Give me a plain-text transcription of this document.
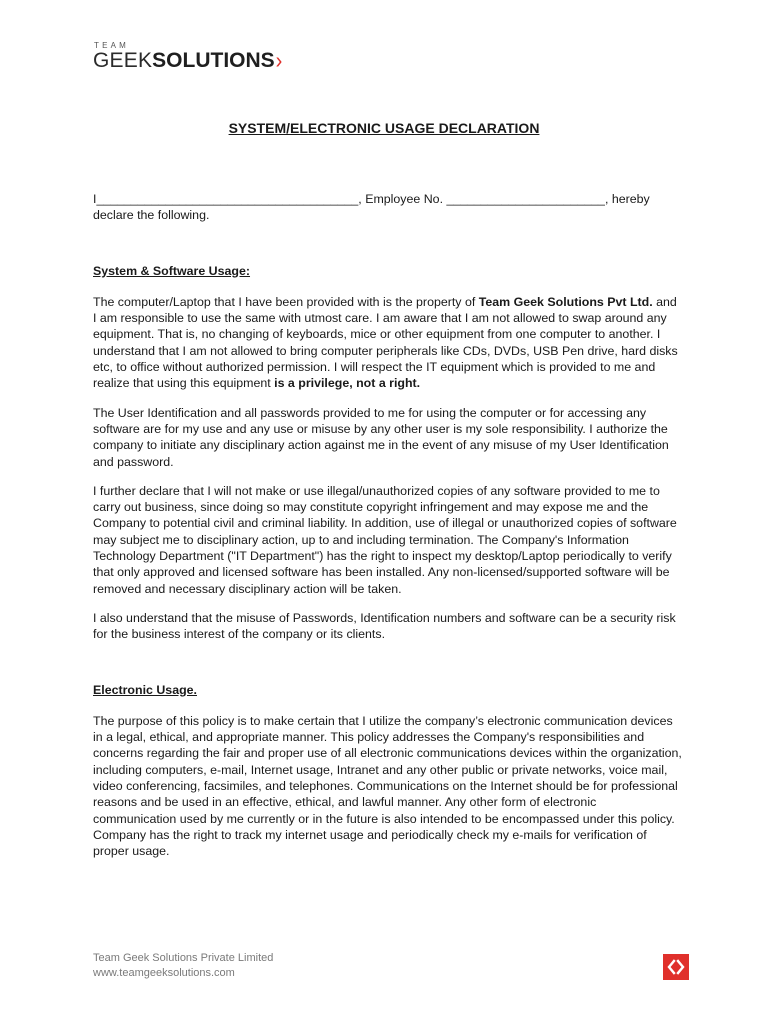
TEAM
GEEKSOLUTIONS›
SYSTEM/ELECTRONIC USAGE DECLARATION

I______________________________________, Employee No. _______________________, hereby
declare the following.

System & Software Usage:

The computer/Laptop that I have been provided with is the property of Team Geek Solutions Pvt Ltd. and I am responsible to use the same with utmost care. I am aware that I am not allowed to swap around any equipment. That is, no changing of keyboards, mice or other equipment from one computer to another. I understand that I am not allowed to bring computer peripherals like CDs, DVDs, USB Pen drive, hard disks etc, to office without authorized permission. I will respect the IT equipment which is provided to me and realize that using this equipment is a privilege, not a right.

The User Identification and all passwords provided to me for using the computer or for accessing any software are for my use and any use or misuse by any other user is my sole responsibility. I authorize the company to initiate any disciplinary action against me in the event of any misuse of my User Identification and password.

I further declare that I will not make or use illegal/unauthorized copies of any software provided to me to carry out business, since doing so may constitute copyright infringement and may expose me and the Company to potential civil and criminal liability. In addition, use of illegal or unauthorized copies of software may subject me to disciplinary action, up to and including termination. The Company's Information Technology Department ("IT Department") has the right to inspect my desktop/Laptop periodically to verify that only approved and licensed software has been installed. Any non-licensed/supported software will be removed and necessary disciplinary action will be taken.

I also understand that the misuse of Passwords, Identification numbers and software can be a security risk for the business interest of the company or its clients.

Electronic Usage.

The purpose of this policy is to make certain that I utilize the company’s electronic communication devices in a legal, ethical, and appropriate manner. This policy addresses the Company's responsibilities and concerns regarding the fair and proper use of all electronic communications devices within the organization, including computers, e-mail, Internet usage, Intranet and any other public or private networks, voice mail, video conferencing, facsimiles, and telephones. Communications on the Internet should be for professional reasons and be used in an effective, ethical, and lawful manner. Any other form of electronic communication used by me currently or in the future is also intended to be encompassed under this policy. Company has the right to track my internet usage and periodically check my e-mails for verification of proper usage.

Team Geek Solutions Private Limited
www.teamgeeksolutions.com
